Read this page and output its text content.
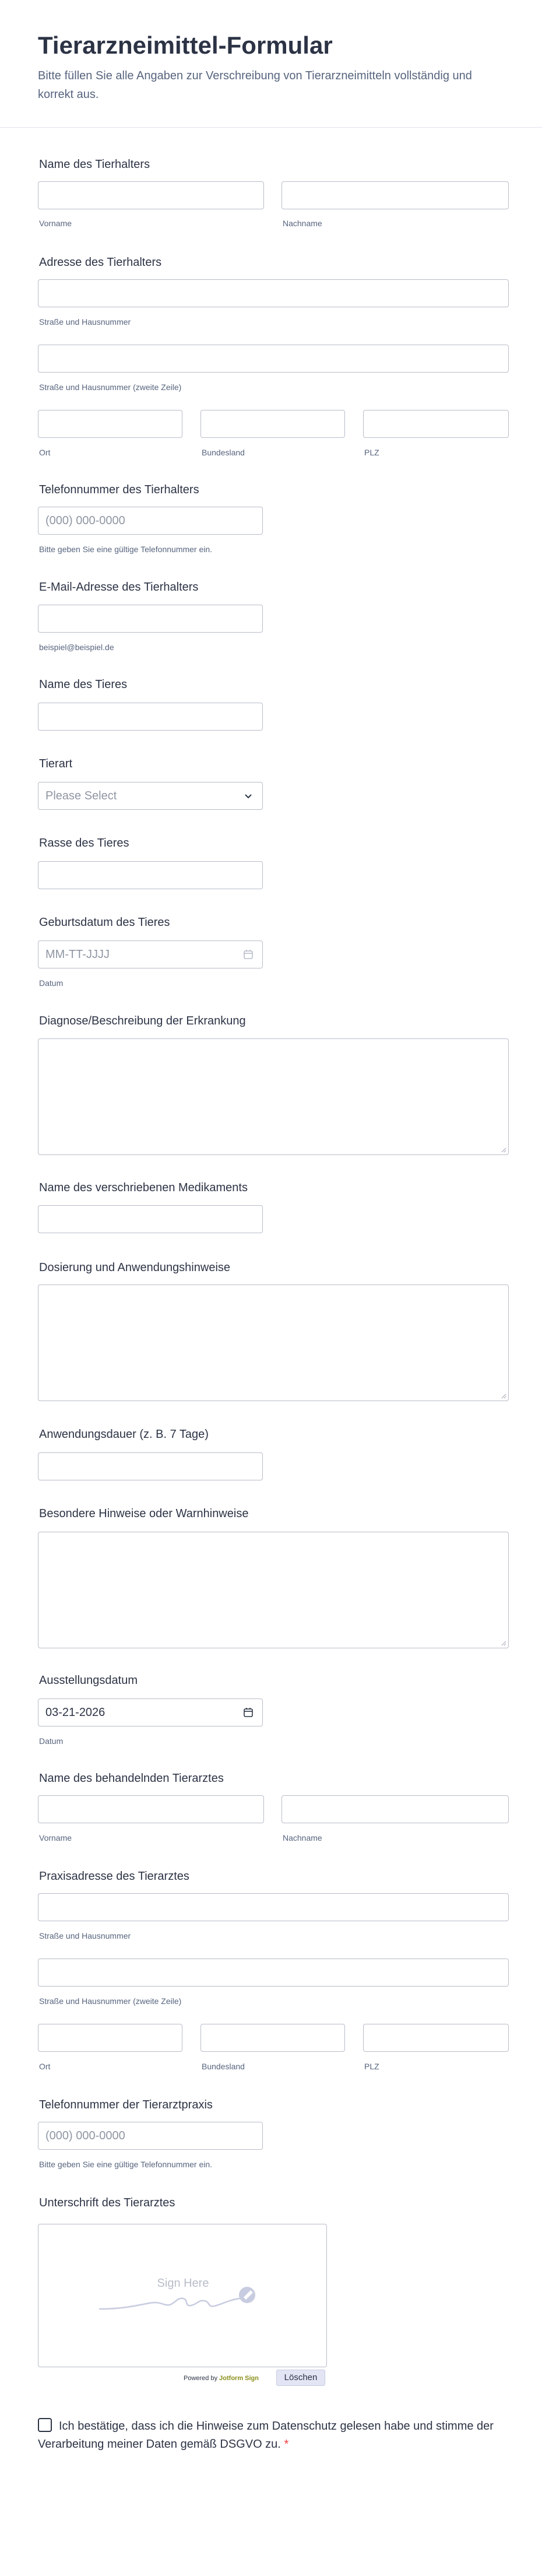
Tierarzneimittel-Formular
Bitte füllen Sie alle Angaben zur Verschreibung von Tierarzneimitteln vollständig und korrekt aus.
Name des Tierhalters
Vorname	Nachname
Adresse des Tierhalters
Straße und Hausnummer
Straße und Hausnummer (zweite Zeile)
Ort	Bundesland	PLZ
Telefonnummer des Tierhalters
(000) 000-0000
Bitte geben Sie eine gültige Telefonnummer ein.
E-Mail-Adresse des Tierhalters
beispiel@beispiel.de
Name des Tieres
Tierart
Please Select
Rasse des Tieres
Geburtsdatum des Tieres
MM-TT-JJJJ
Datum
Diagnose/Beschreibung der Erkrankung
Name des verschriebenen Medikaments
Dosierung und Anwendungshinweise
Anwendungsdauer (z. B. 7 Tage)
Besondere Hinweise oder Warnhinweise
Ausstellungsdatum
03-21-2026
Datum
Name des behandelnden Tierarztes
Vorname	Nachname
Praxisadresse des Tierarztes
Straße und Hausnummer
Straße und Hausnummer (zweite Zeile)
Ort	Bundesland	PLZ
Telefonnummer der Tierarztpraxis
(000) 000-0000
Bitte geben Sie eine gültige Telefonnummer ein.
Unterschrift des Tierarztes
Sign Here
Powered by Jotform Sign	Löschen
Ich bestätige, dass ich die Hinweise zum Datenschutz gelesen habe und stimme der Verarbeitung meiner Daten gemäß DSGVO zu. *
